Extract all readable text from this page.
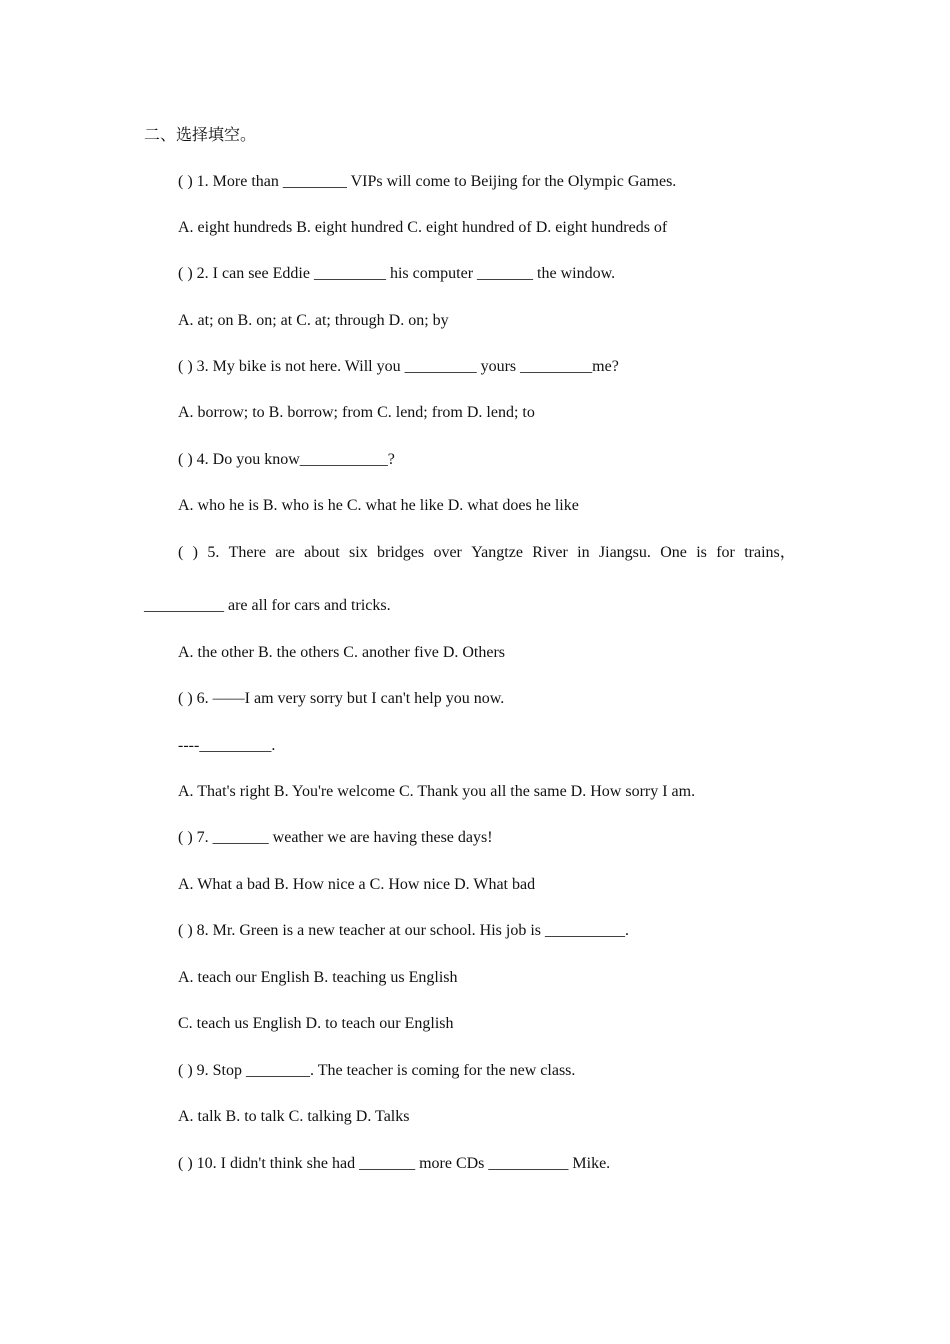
二、选择填空。
( ) 1. More than ________ VIPs will come to Beijing for the Olympic Games.
A. eight hundreds B. eight hundred C. eight hundred of D. eight hundreds of
( ) 2. I can see Eddie _________ his computer _______ the window.
A. at; on B. on; at C. at; through D. on; by
( ) 3. My bike is not here. Will you _________ yours _________me?
A. borrow; to B. borrow; from C. lend; from D. lend; to
( ) 4. Do you know___________?
A. who he is B. who is he C. what he like D. what does he like
( ) 5. There are about six bridges over Yangtze River in Jiangsu. One is for trains，
__________ are all for cars and tricks.
A. the other B. the others C. another five D. Others
( ) 6. ——I am very sorry but I can't help you now.
----_________.
A. That's right B. You're welcome C. Thank you all the same D. How sorry I am.
( ) 7. _______ weather we are having these days!
A. What a bad B. How nice a C. How nice D. What bad
( ) 8. Mr. Green is a new teacher at our school. His job is __________.
A. teach our English B. teaching us English
C. teach us English D. to teach our English
( ) 9. Stop ________. The teacher is coming for the new class.
A. talk B. to talk C. talking D. Talks
( ) 10. I didn't think she had _______ more CDs __________ Mike.
